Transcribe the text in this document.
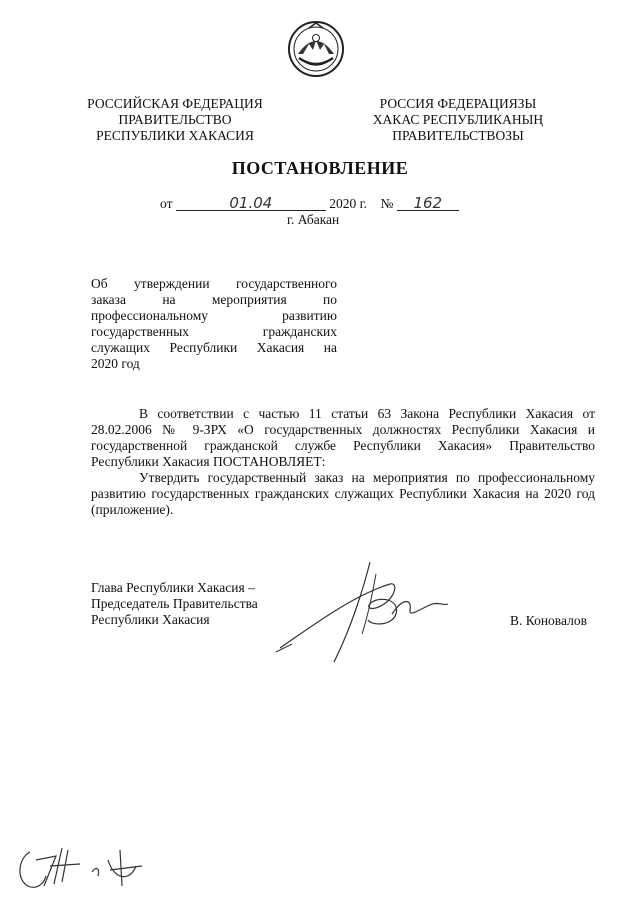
РОССИЙСКАЯ ФЕДЕРАЦИЯ
ПРАВИТЕЛЬСТВО
РЕСПУБЛИКИ ХАКАСИЯ
РОССИЯ ФЕДЕРАЦИЯЗЫ
ХАКАС РЕСПУБЛИКАНЫҢ
ПРАВИТЕЛЬСТВОЗЫ
ПОСТАНОВЛЕНИЕ
от	01.04	2020 г. № 162
г. Абакан
Об утверждении государственного
заказа	на	мероприятия	по
профессиональному	развитию
государственных	гражданских
служащих Республики Хакасия на
2020 год

В соответствии с частью 11 статьи 63 Закона Республики Хакасия от 28.02.2006 № 9-ЗРХ «О государственных должностях Республики Хакасия и государственной гражданской службе Республики Хакасия» Правительство Республики Хакасия ПОСТАНОВЛЯЕТ:

Утвердить государственный заказ на мероприятия по профессиональному развитию государственных гражданских служащих Республики Хакасия на 2020 год (приложение).

Глава Республики Хакасия –
Председатель Правительства
Республики Хакасия	В. Коновалов
